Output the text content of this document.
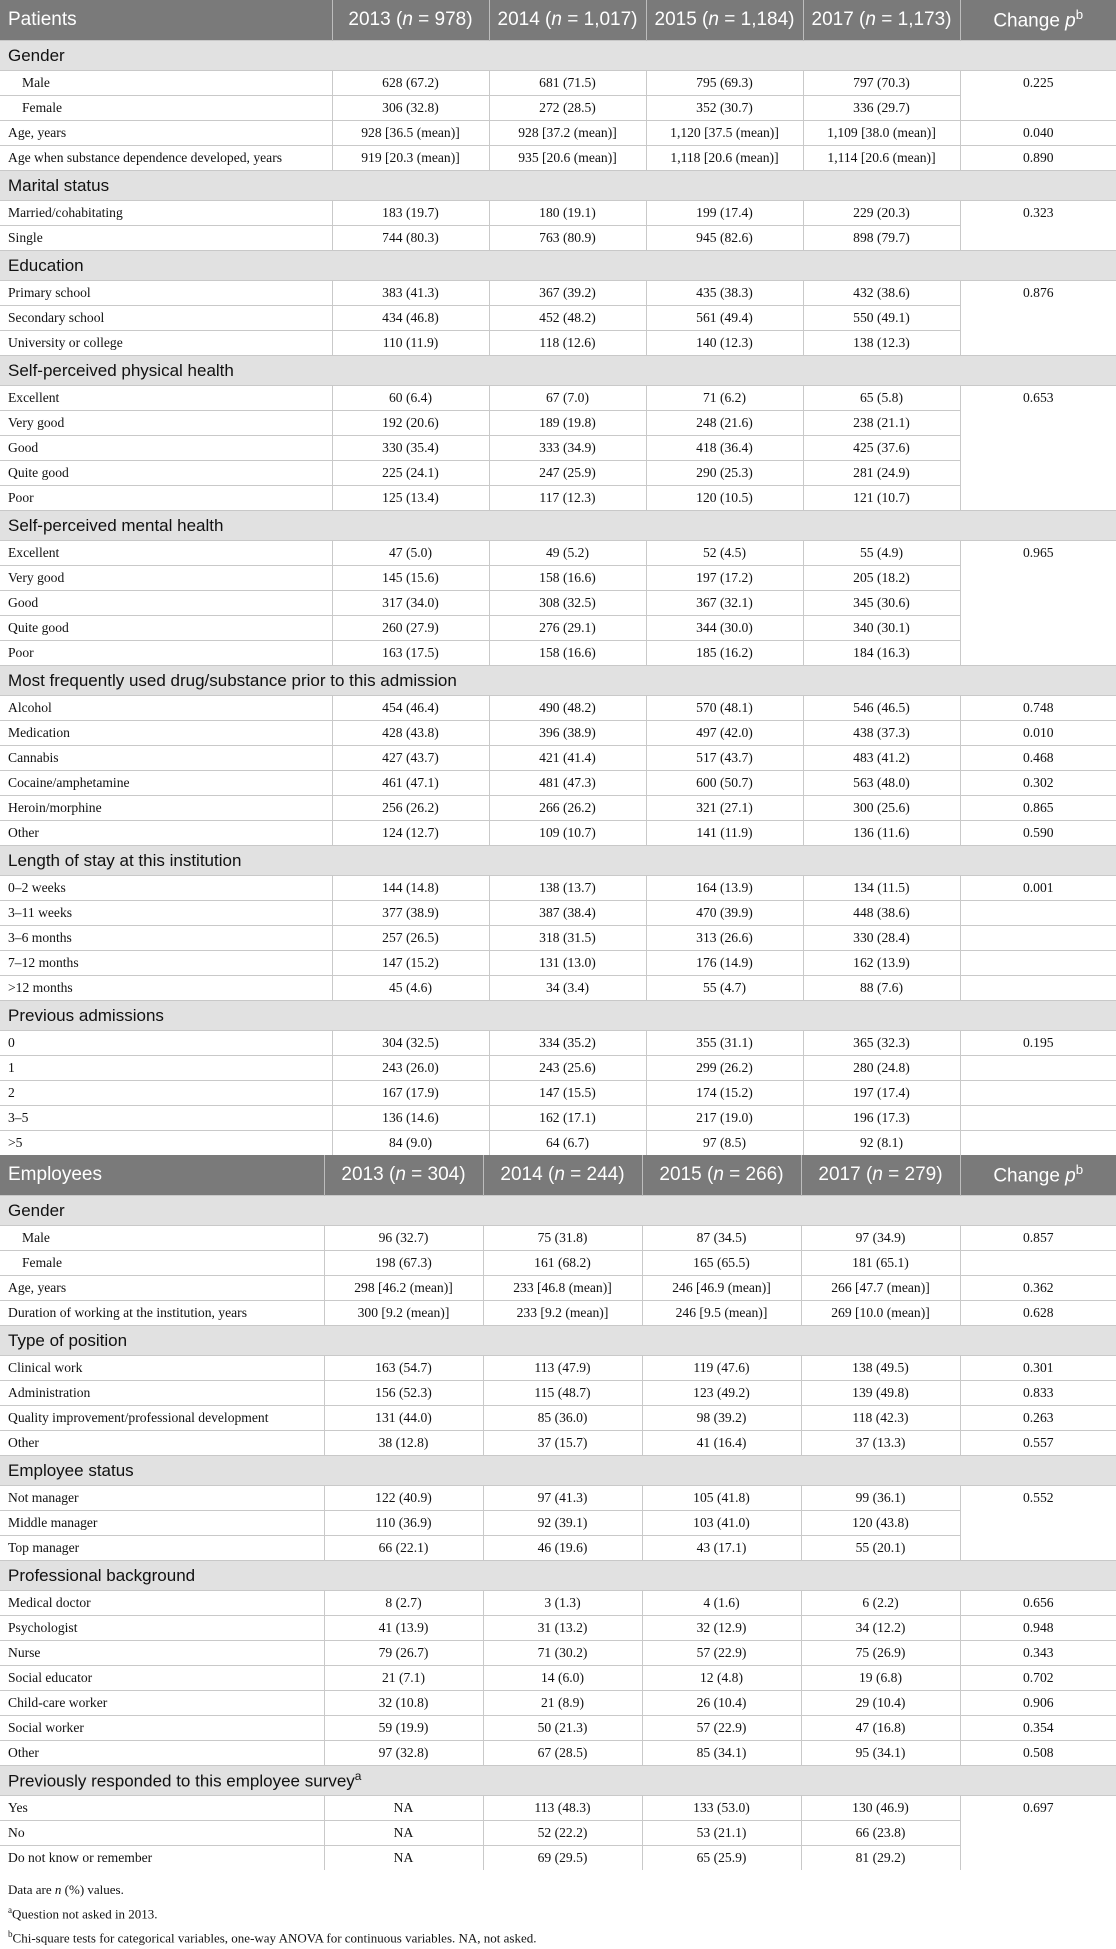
Patients	2013 (n = 978)	2014 (n = 1,017)	2015 (n = 1,184)	2017 (n = 1,173)	Change $p^b$
Gender					
Male	628 (67.2)	681 (71.5)	795 (69.3)	797 (70.3)	0.225
Female	306 (32.8)	272 (28.5)	352 (30.7)	336 (29.7)	
Age, years	928 [36.5 (mean)]	928 [37.2 (mean)]	1,120 [37.5 (mean)]	1,109 [38.0 (mean)]	0.040
Age when substance dependence developed, years	919 [20.3 (mean)]	935 [20.6 (mean)]	1,118 [20.6 (mean)]	1,114 [20.6 (mean)]	0.890
Marital status					
Married/cohabitating	183 (19.7)	180 (19.1)	199 (17.4)	229 (20.3)	0.323
Single	744 (80.3)	763 (80.9)	945 (82.6)	898 (79.7)	
Education					
Primary school	383 (41.3)	367 (39.2)	435 (38.3)	432 (38.6)	0.876
Secondary school	434 (46.8)	452 (48.2)	561 (49.4)	550 (49.1)	
University or college	110 (11.9)	118 (12.6)	140 (12.3)	138 (12.3)	
Self-perceived physical health					
Excellent	60 (6.4)	67 (7.0)	71 (6.2)	65 (5.8)	0.653
Very good	192 (20.6)	189 (19.8)	248 (21.6)	238 (21.1)	
Good	330 (35.4)	333 (34.9)	418 (36.4)	425 (37.6)	
Quite good	225 (24.1)	247 (25.9)	290 (25.3)	281 (24.9)	
Poor	125 (13.4)	117 (12.3)	120 (10.5)	121 (10.7)	
Self-perceived mental health					
Excellent	47 (5.0)	49 (5.2)	52 (4.5)	55 (4.9)	0.965
Very good	145 (15.6)	158 (16.6)	197 (17.2)	205 (18.2)	
Good	317 (34.0)	308 (32.5)	367 (32.1)	345 (30.6)	
Quite good	260 (27.9)	276 (29.1)	344 (30.0)	340 (30.1)	
Poor	163 (17.5)	158 (16.6)	185 (16.2)	184 (16.3)	
Most frequently used drug/substance prior to this admission					
Alcohol	454 (46.4)	490 (48.2)	570 (48.1)	546 (46.5)	0.748
Medication	428 (43.8)	396 (38.9)	497 (42.0)	438 (37.3)	0.010
Cannabis	427 (43.7)	421 (41.4)	517 (43.7)	483 (41.2)	0.468
Cocaine/amphetamine	461 (47.1)	481 (47.3)	600 (50.7)	563 (48.0)	0.302
Heroin/morphine	256 (26.2)	266 (26.2)	321 (27.1)	300 (25.6)	0.865
Other	124 (12.7)	109 (10.7)	141 (11.9)	136 (11.6)	0.590
Length of stay at this institution					
0–2 weeks	144 (14.8)	138 (13.7)	164 (13.9)	134 (11.5)	0.001
3–11 weeks	377 (38.9)	387 (38.4)	470 (39.9)	448 (38.6)	
3–6 months	257 (26.5)	318 (31.5)	313 (26.6)	330 (28.4)	
7–12 months	147 (15.2)	131 (13.0)	176 (14.9)	162 (13.9)	
>12 months	45 (4.6)	34 (3.4)	55 (4.7)	88 (7.6)	
Previous admissions					
0	304 (32.5)	334 (35.2)	355 (31.1)	365 (32.3)	0.195
1	243 (26.0)	243 (25.6)	299 (26.2)	280 (24.8)	
2	167 (17.9)	147 (15.5)	174 (15.2)	197 (17.4)	
3–5	136 (14.6)	162 (17.1)	217 (19.0)	196 (17.3)	
>5	84 (9.0)	64 (6.7)	97 (8.5)	92 (8.1)	
Employees	2013 (n = 304)	2014 (n = 244)	2015 (n = 266)	2017 (n = 279)	Change $p^b$
Gender					
Male	96 (32.7)	75 (31.8)	87 (34.5)	97 (34.9)	0.857
Female	198 (67.3)	161 (68.2)	165 (65.5)	181 (65.1)	
Age, years	298 [46.2 (mean)]	233 [46.8 (mean)]	246 [46.9 (mean)]	266 [47.7 (mean)]	0.362
Duration of working at the institution, years	300 [9.2 (mean)]	233 [9.2 (mean)]	246 [9.5 (mean)]	269 [10.0 (mean)]	0.628
Type of position					
Clinical work	163 (54.7)	113 (47.9)	119 (47.6)	138 (49.5)	0.301
Administration	156 (52.3)	115 (48.7)	123 (49.2)	139 (49.8)	0.833
Quality improvement/professional development	131 (44.0)	85 (36.0)	98 (39.2)	118 (42.3)	0.263
Other	38 (12.8)	37 (15.7)	41 (16.4)	37 (13.3)	0.557
Employee status					
Not manager	122 (40.9)	97 (41.3)	105 (41.8)	99 (36.1)	0.552
Middle manager	110 (36.9)	92 (39.1)	103 (41.0)	120 (43.8)	
Top manager	66 (22.1)	46 (19.6)	43 (17.1)	55 (20.1)	
Professional background					
Medical doctor	8 (2.7)	3 (1.3)	4 (1.6)	6 (2.2)	0.656
Psychologist	41 (13.9)	31 (13.2)	32 (12.9)	34 (12.2)	0.948
Nurse	79 (26.7)	71 (30.2)	57 (22.9)	75 (26.9)	0.343
Social educator	21 (7.1)	14 (6.0)	12 (4.8)	19 (6.8)	0.702
Child-care worker	32 (10.8)	21 (8.9)	26 (10.4)	29 (10.4)	0.906
Social worker	59 (19.9)	50 (21.3)	57 (22.9)	47 (16.8)	0.354
Other	97 (32.8)	67 (28.5)	85 (34.1)	95 (34.1)	0.508
Previously responded to this employee survey$^a$
Yes	NA	113 (48.3)	133 (53.0)	130 (46.9)	0.697
No	NA	52 (22.2)	53 (21.1)	66 (23.8)	
Do not know or remember	NA	69 (29.5)	65 (25.9)	81 (29.2)	
Data are n (%) values.
$^a$Question not asked in 2013.
$^b$Chi-square tests for categorical variables, one-way ANOVA for continuous variables. NA, not asked.
